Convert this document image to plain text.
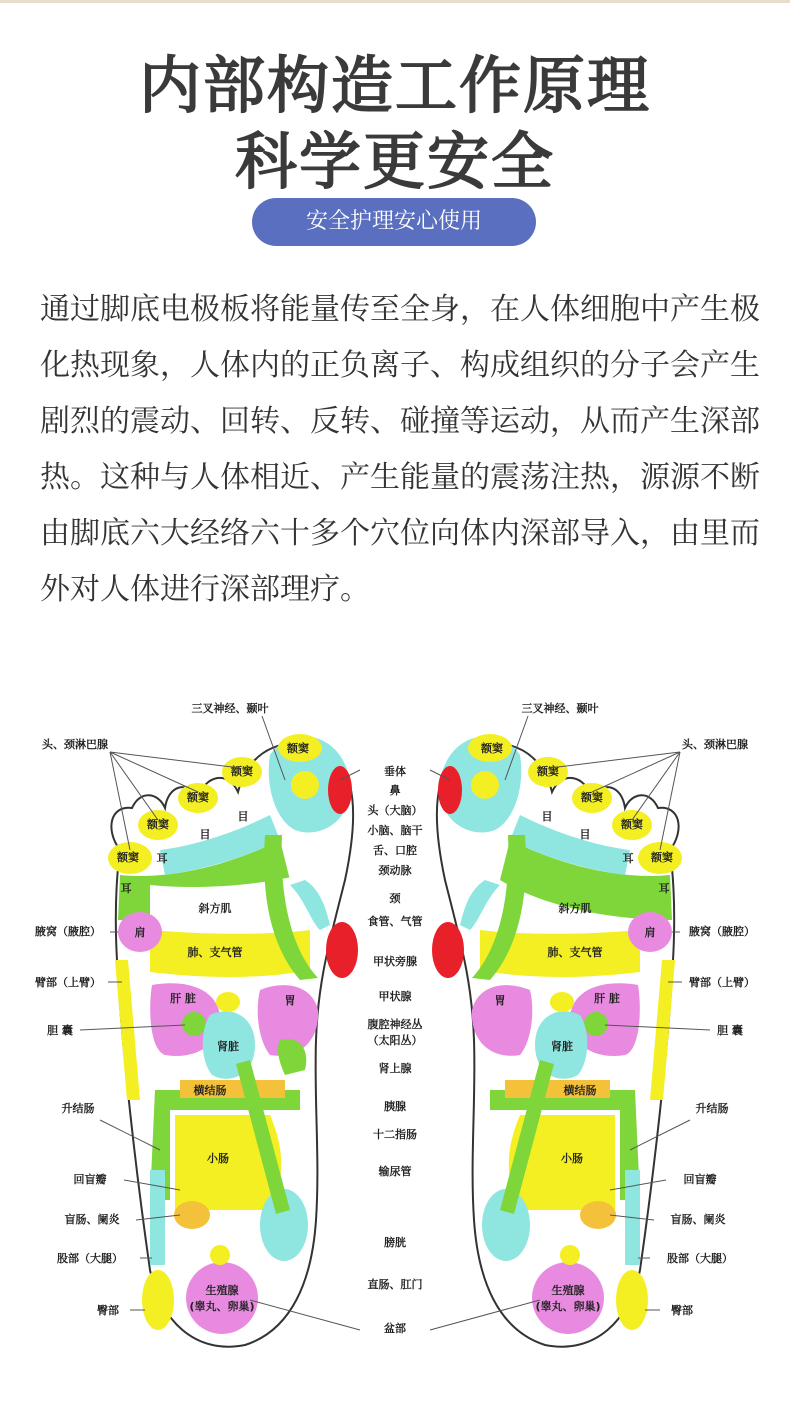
内部构造工作原理
科学更安全
安全护理安心使用
通过脚底电极板将能量传至全身，在人体细胞中产生极化热现象，人体内的正负离子、构成组织的分子会产生剧烈的震动、回转、反转、碰撞等运动，从而产生深部热。这种与人体相近、产生能量的震荡注热，源源不断由脚底六大经络六十多个穴位向体内深部导入，由里而外对人体进行深部理疗。
额窦
额窦
额窦
额窦
额窦
目
目
耳
耳
斜方肌
肩
肺、支气管
肝 脏	胃
肾脏
横结肠
小肠
生殖腺
(睾丸、卵巢)
额窦
额窦
额窦
额窦
额窦
目
目
耳
耳
斜方肌
肩
肺、支气管
肝 脏
胃
肾脏
横结肠
小肠
生殖腺
(睾丸、卵巢)
垂体
鼻
头（大脑）
小脑、脑干
舌、口腔
颈动脉
颈
食管、气管
甲状旁腺
甲状腺
腹腔神经丛
（太阳丛）
肾上腺
胰腺
十二指肠
输尿管
膀胱
直肠、肛门
盆部
三叉神经、颞叶
头、颈淋巴腺
腋窝（腋腔）
臂部（上臂）
胆 囊
升结肠
回盲瓣
盲肠、阑炎
股部（大腿）
臀部
三叉神经、颞叶
头、颈淋巴腺
腋窝（腋腔）
臂部（上臂）
胆 囊
升结肠
回盲瓣
盲肠、阑炎
股部（大腿）
臀部
